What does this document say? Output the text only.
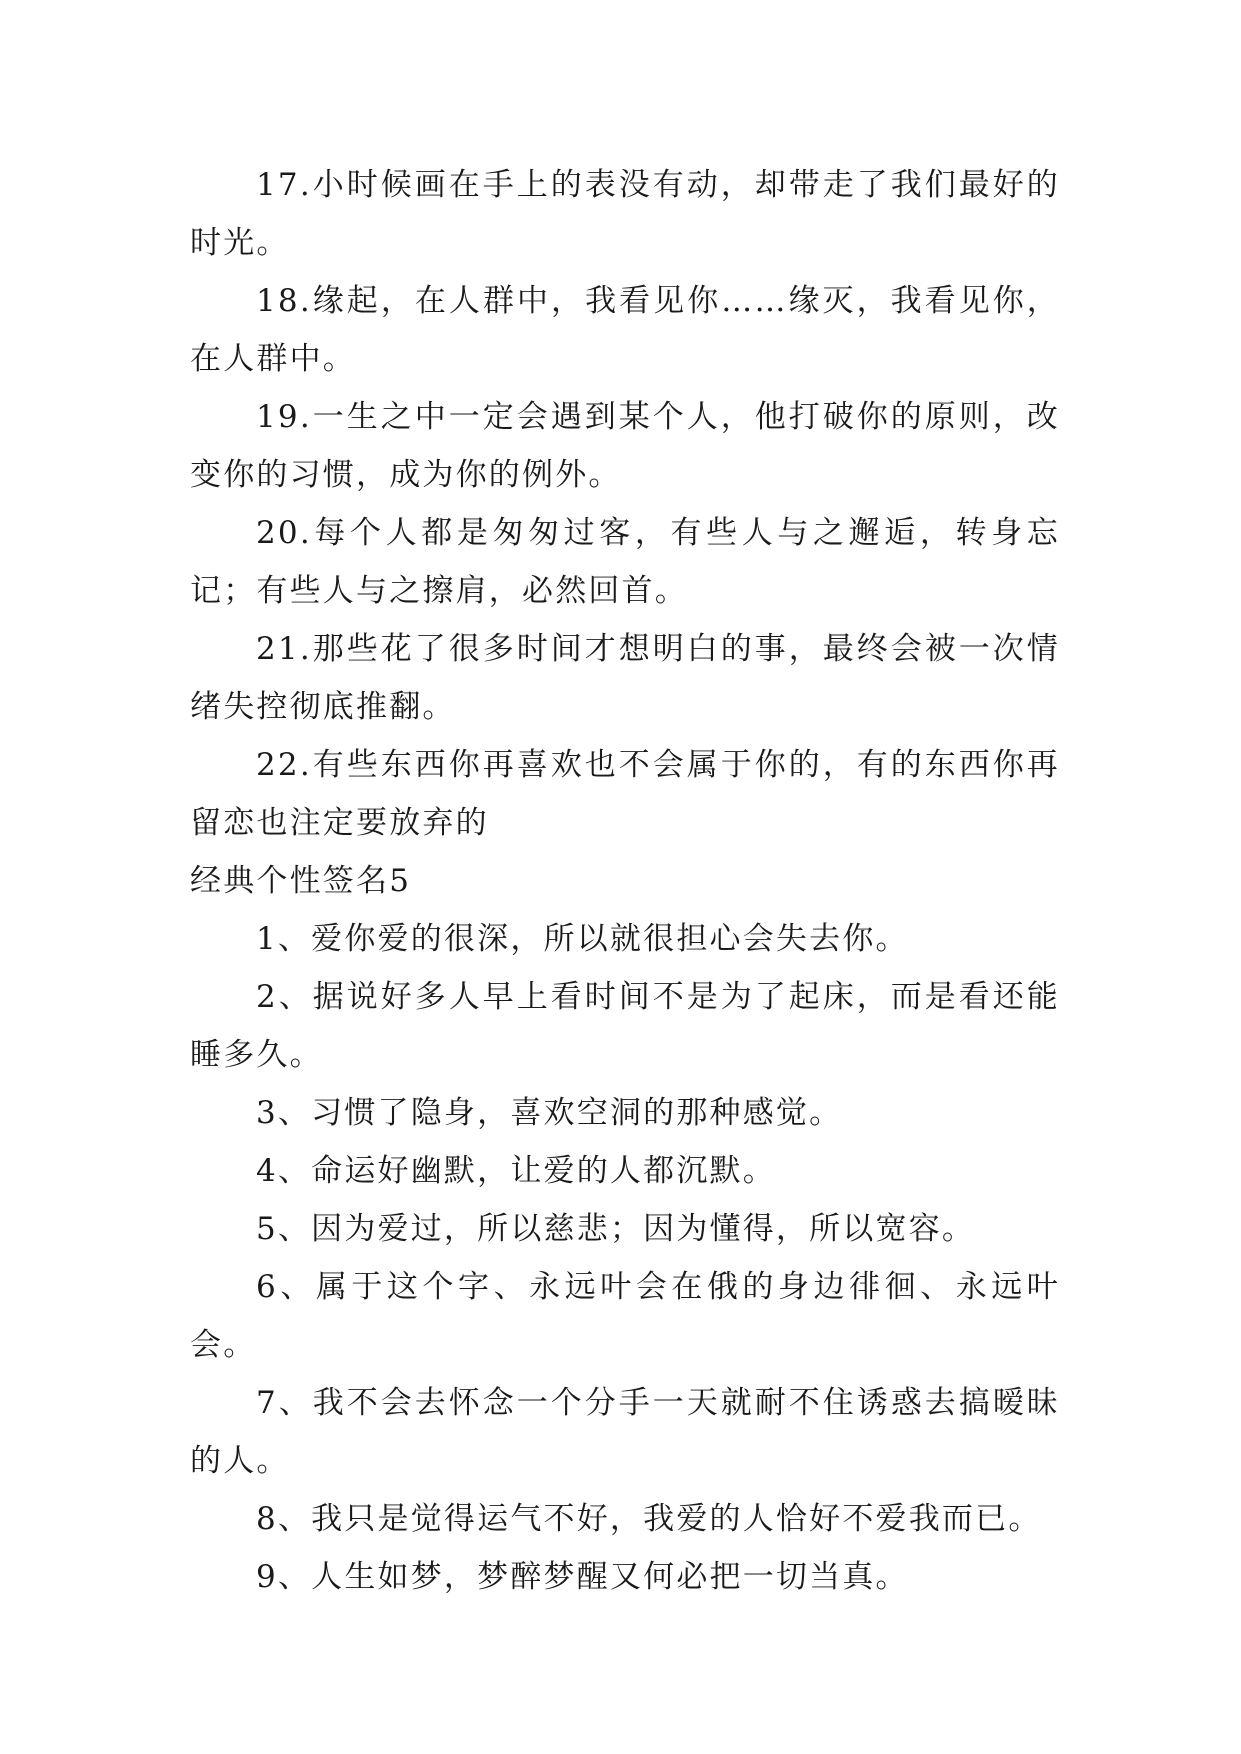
17.小时候画在手上的表没有动，却带走了我们最好的时光。

18.缘起，在人群中，我看见你……缘灭，我看见你，在人群中。

19.一生之中一定会遇到某个人，他打破你的原则，改变你的习惯，成为你的例外。

20.每个人都是匆匆过客，有些人与之邂逅，转身忘记；有些人与之擦肩，必然回首。

21.那些花了很多时间才想明白的事，最终会被一次情绪失控彻底推翻。

22.有些东西你再喜欢也不会属于你的，有的东西你再留恋也注定要放弃的

经典个性签名5

1、爱你爱的很深，所以就很担心会失去你。

2、据说好多人早上看时间不是为了起床，而是看还能睡多久。

3、习惯了隐身，喜欢空洞的那种感觉。

4、命运好幽默，让爱的人都沉默。

5、因为爱过，所以慈悲；因为懂得，所以宽容。

6、属于这个字、永远叶会在俄的身边徘徊、永远叶会。

7、我不会去怀念一个分手一天就耐不住诱惑去搞暧昧的人。

8、我只是觉得运气不好，我爱的人恰好不爱我而已。

9、人生如梦，梦醉梦醒又何必把一切当真。
